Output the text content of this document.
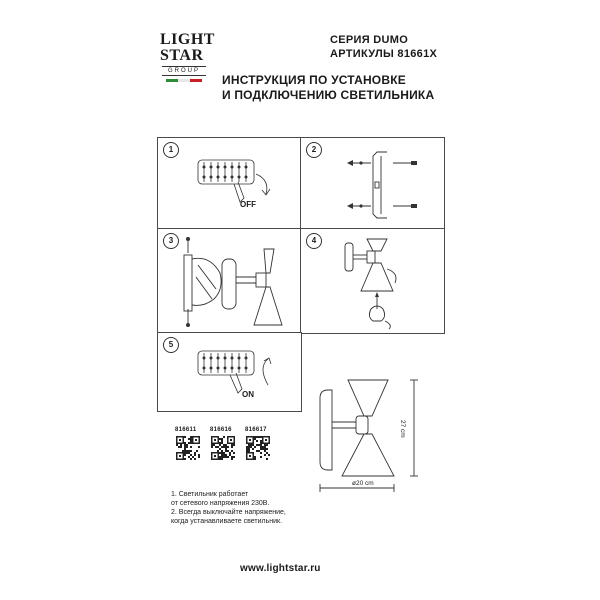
LIGHT
STAR
GROUP
СЕРИЯ DUMO
АРТИКУЛЫ 81661X
ИНСТРУКЦИЯ ПО УСТАНОВКЕ
И ПОДКЛЮЧЕНИЮ СВЕТИЛЬНИКА
1
OFF
2
3	4
5
ON
816611 816616 816617	27 cm
ø20 cm
1. Светильник работает
от сетевого напряжения 230В.
2. Всегда выключайте напряжение,
когда устанавливаете светильник.
www.lightstar.ru
